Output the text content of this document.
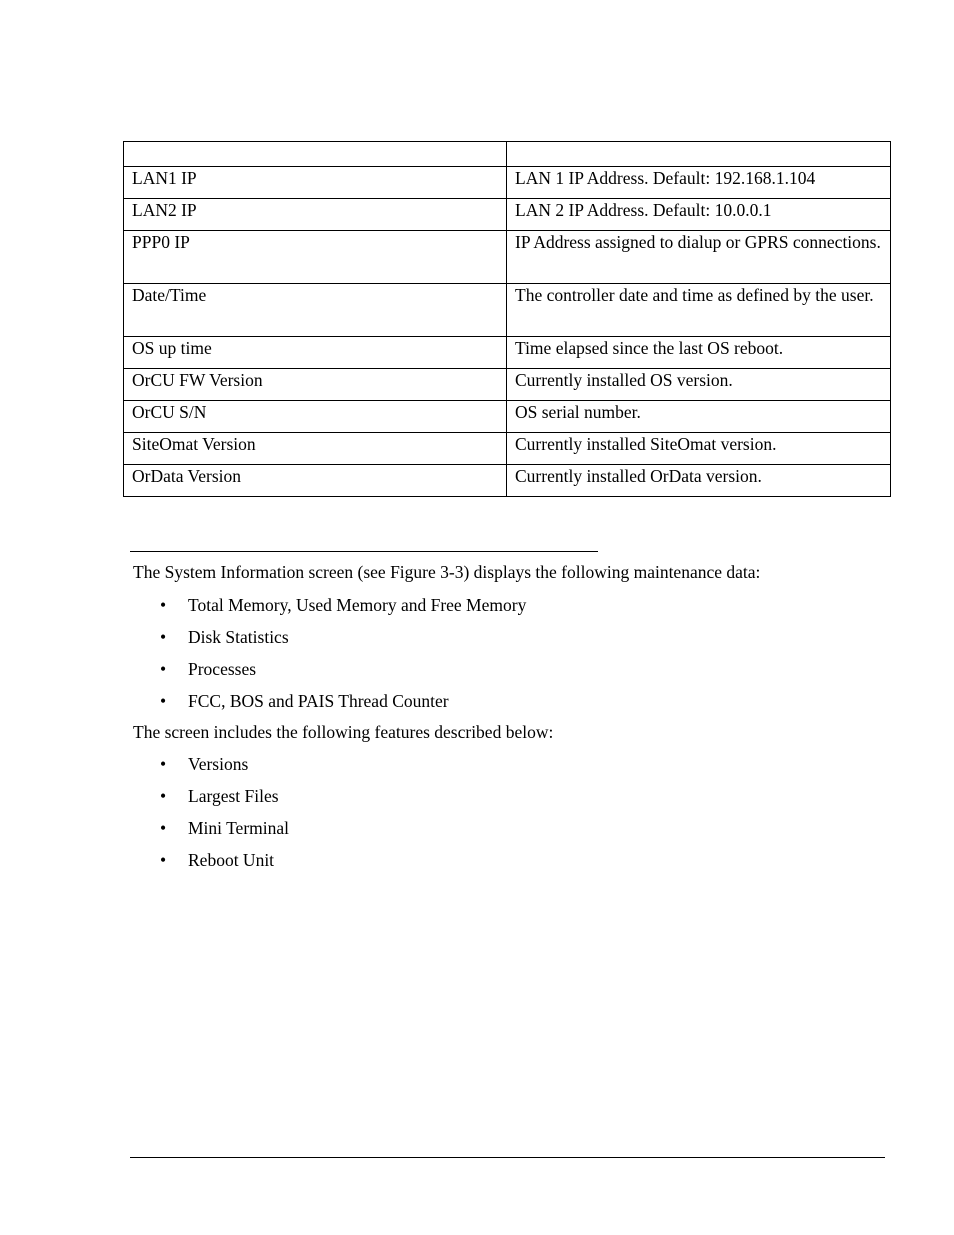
LAN1 IP	LAN 1 IP Address. Default: 192.168.1.104
LAN2 IP	LAN 2 IP Address. Default: 10.0.0.1
PPP0 IP	IP Address assigned to dialup or GPRS connections.
Date/Time	The controller date and time as defined by the user.
OS up time	Time elapsed since the last OS reboot.
OrCU FW Version	Currently installed OS version.
OrCU S/N	OS serial number.
SiteOmat Version	Currently installed SiteOmat version.
OrData Version	Currently installed OrData version.

The System Information screen (see Figure 3-3) displays the following maintenance data:

• Total Memory, Used Memory and Free Memory
• Disk Statistics
• Processes
• FCC, BOS and PAIS Thread Counter

The screen includes the following features described below:

• Versions
• Largest Files
• Mini Terminal
• Reboot Unit
